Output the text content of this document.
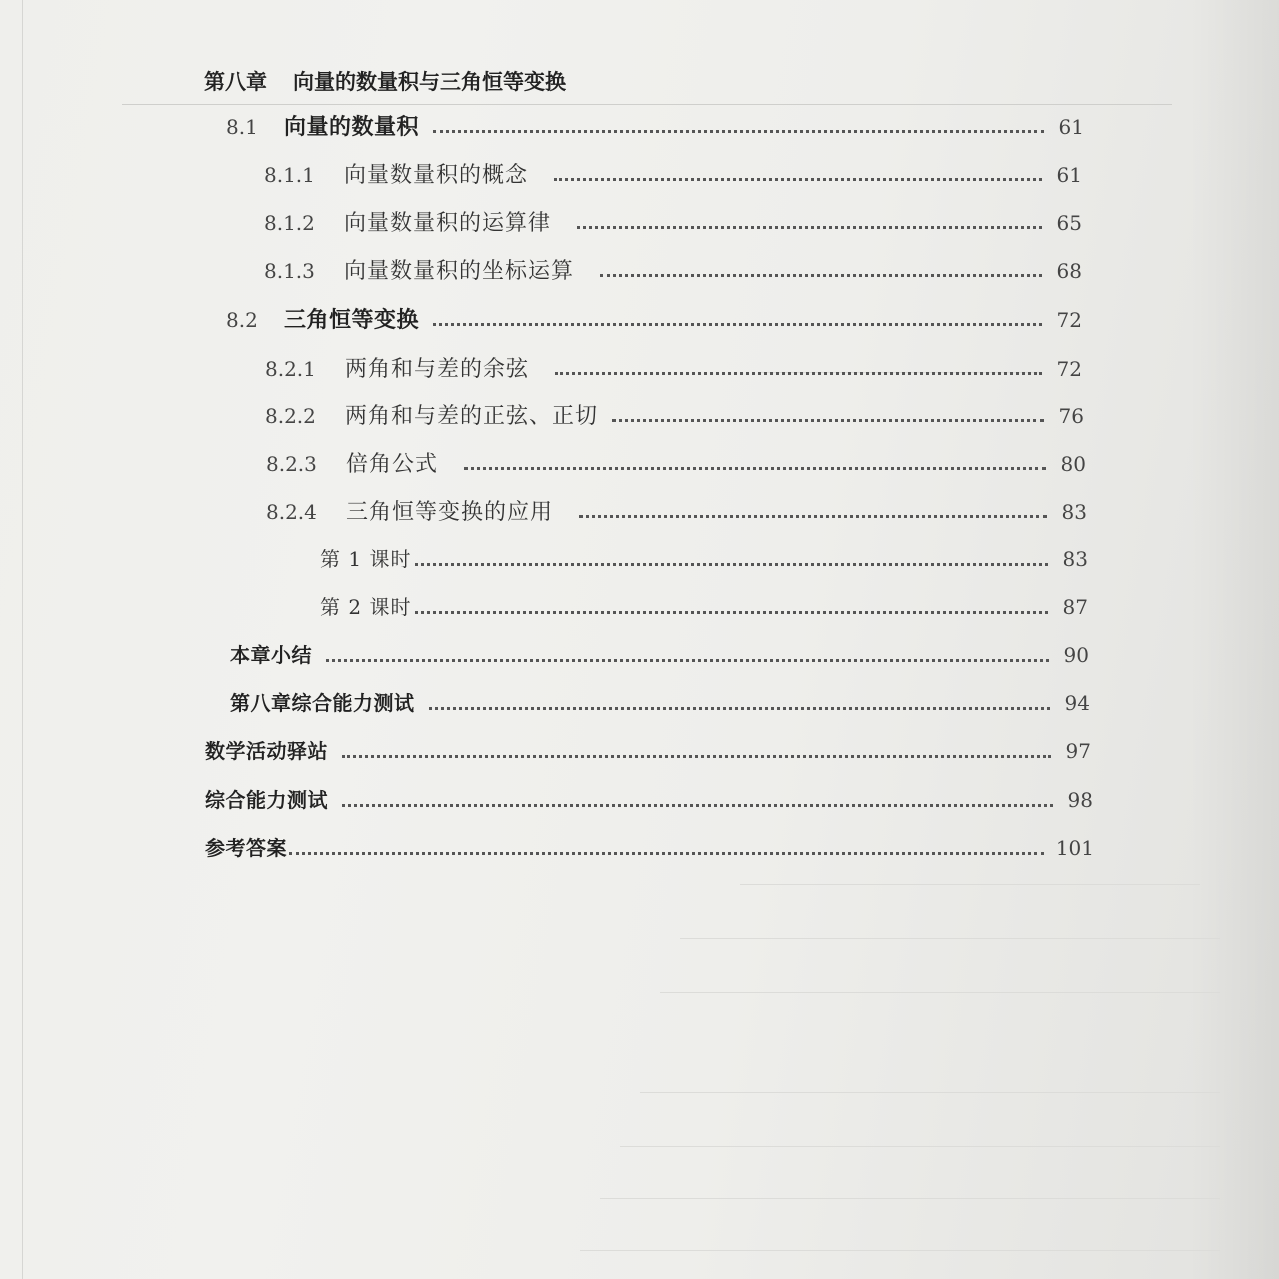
第八章 向量的数量积与三角恒等变换
8.1	向量的数量积	61
8.1.1	向量数量积的概念	61
8.1.2	向量数量积的运算律	65
8.1.3	向量数量积的坐标运算	68
8.2	三角恒等变换	72
8.2.1	两角和与差的余弦	72
8.2.2	两角和与差的正弦、正切	76
8.2.3	倍角公式	80
8.2.4	三角恒等变换的应用	83
第 1 课时	83
第 2 课时	87
本章小结	90
第八章综合能力测试	94
数学活动驿站	97
综合能力测试	98
参考答案	101
